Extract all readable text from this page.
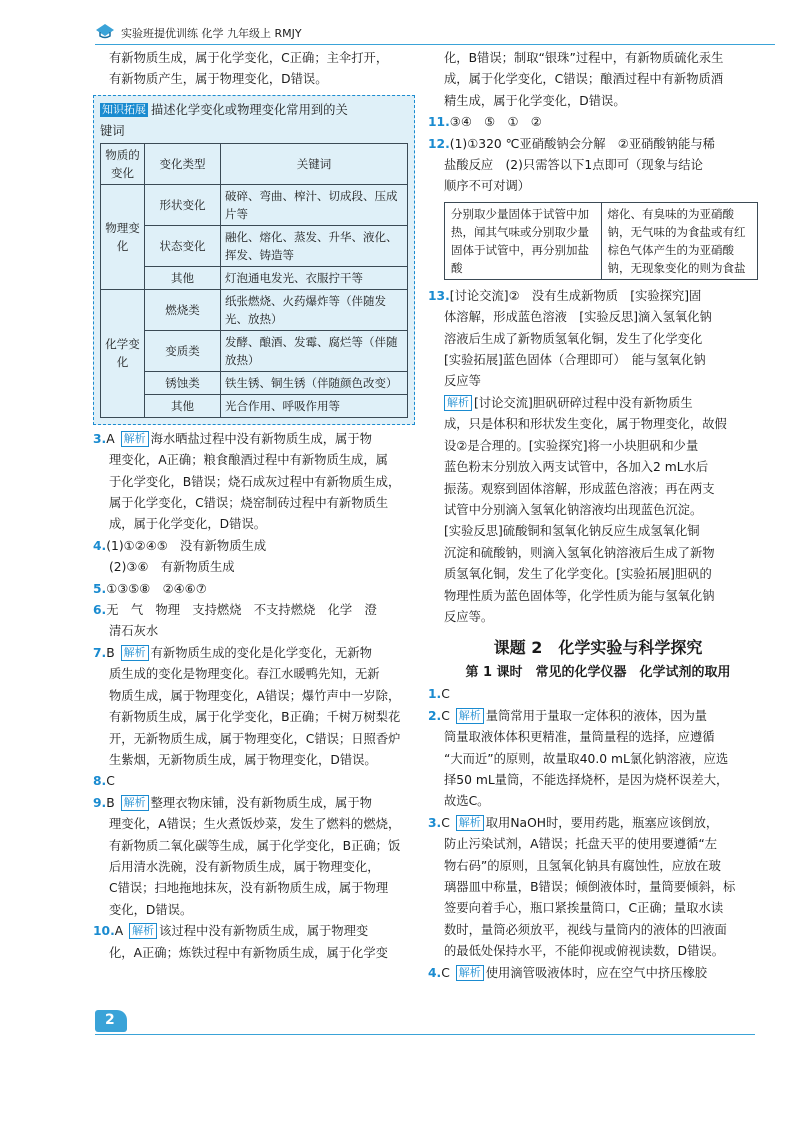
实验班提优训练 化学 九年级上 RMJY

有新物质生成，属于化学变化，C正确；主伞打开，

有新物质产生，属于物理变化，D错误。

知识拓展 描述化学变化或物理变化常用到的关

键词

物质的变化	变化类型	关键词
物理变化	形状变化	破碎、弯曲、榨汁、切成段、压成片等
	状态变化	融化、熔化、蒸发、升华、液化、挥发、铸造等
	其他	灯泡通电发光、衣服拧干等
化学变化	燃烧类	纸张燃烧、火药爆炸等（伴随发光、放热）
	变质类	发酵、酿酒、发霉、腐烂等（伴随放热）
	锈蚀类	铁生锈、铜生锈（伴随颜色改变）
	其他	光合作用、呼吸作用等

3.A 解析 海水晒盐过程中没有新物质生成，属于物

理变化，A正确；粮食酿酒过程中有新物质生成，属

于化学变化，B错误；烧石成灰过程中有新物质生成，

属于化学变化，C错误；烧窑制砖过程中有新物质生

成，属于化学变化，D错误。

4.(1)①②④⑤　没有新物质生成

(2)③⑥　有新物质生成

5.①③⑤⑧　②④⑥⑦

6.无　气　物理　支持燃烧　不支持燃烧　化学　澄

清石灰水

7.B 解析 有新物质生成的变化是化学变化，无新物

质生成的变化是物理变化。春江水暖鸭先知，无新

物质生成，属于物理变化，A错误；爆竹声中一岁除，

有新物质生成，属于化学变化，B正确；千树万树梨花

开，无新物质生成，属于物理变化，C错误；日照香炉

生紫烟，无新物质生成，属于物理变化，D错误。

8.C

9.B 解析 整理衣物床铺，没有新物质生成，属于物

理变化，A错误；生火煮饭炒菜，发生了燃料的燃烧，

有新物质二氧化碳等生成，属于化学变化，B正确；饭

后用清水洗碗，没有新物质生成，属于物理变化，

C错误；扫地拖地抹灰，没有新物质生成，属于物理

变化，D错误。

10.A 解析 该过程中没有新物质生成，属于物理变

化，A正确；炼铁过程中有新物质生成，属于化学变

化，B错误；制取“银珠”过程中，有新物质硫化汞生

成，属于化学变化，C错误；酿酒过程中有新物质酒

精生成，属于化学变化，D错误。

11.③④　⑤　①　②

12.(1)①320 ℃亚硝酸钠会分解　②亚硝酸钠能与稀

盐酸反应　(2)只需答以下1点即可（现象与结论

顺序不可对调）

分别取少量固体于试管中加热，闻其气味或分别取少量固体于试管中，再分别加盐酸	熔化、有臭味的为亚硝酸钠，无气味的为食盐或有红棕色气体产生的为亚硝酸钠，无现象变化的则为食盐

13.[讨论交流]②　没有生成新物质　[实验探究]固

体溶解，形成蓝色溶液　[实验反思]滴入氢氧化钠

溶液后生成了新物质氢氧化铜，发生了化学变化

[实验拓展]蓝色固体（合理即可）　能与氢氧化钠

反应等

解析 [讨论交流]胆矾研碎过程中没有新物质生

成，只是体积和形状发生变化，属于物理变化，故假

设②是合理的。[实验探究]将一小块胆矾和少量

蓝色粉末分别放入两支试管中，各加入2 mL水后

振荡。观察到固体溶解，形成蓝色溶液；再在两支

试管中分别滴入氢氧化钠溶液均出现蓝色沉淀。

[实验反思]硫酸铜和氢氧化钠反应生成氢氧化铜

沉淀和硫酸钠，则滴入氢氧化钠溶液后生成了新物

质氢氧化铜，发生了化学变化。[实验拓展]胆矾的

物理性质为蓝色固体等，化学性质为能与氢氧化钠

反应等。

课题 2　化学实验与科学探究

第 1 课时　常见的化学仪器　化学试剂的取用

1.C

2.C 解析 量筒常用于量取一定体积的液体，因为量

筒量取液体体积更精准，量筒量程的选择，应遵循

“大而近”的原则，故量取40.0 mL氯化钠溶液，应选

择50 mL量筒，不能选择烧杯，是因为烧杯误差大，

故选C。

3.C 解析 取用NaOH时，要用药匙，瓶塞应该倒放，

防止污染试剂，A错误；托盘天平的使用要遵循“左

物右码”的原则，且氢氧化钠具有腐蚀性，应放在玻

璃器皿中称量，B错误；倾倒液体时，量筒要倾斜，标

签要向着手心，瓶口紧挨量筒口，C正确；量取水读

数时，量筒必须放平，视线与量筒内的液体的凹液面

的最低处保持水平，不能仰视或俯视读数，D错误。

4.C 解析 使用滴管吸液体时，应在空气中挤压橡胶

2
